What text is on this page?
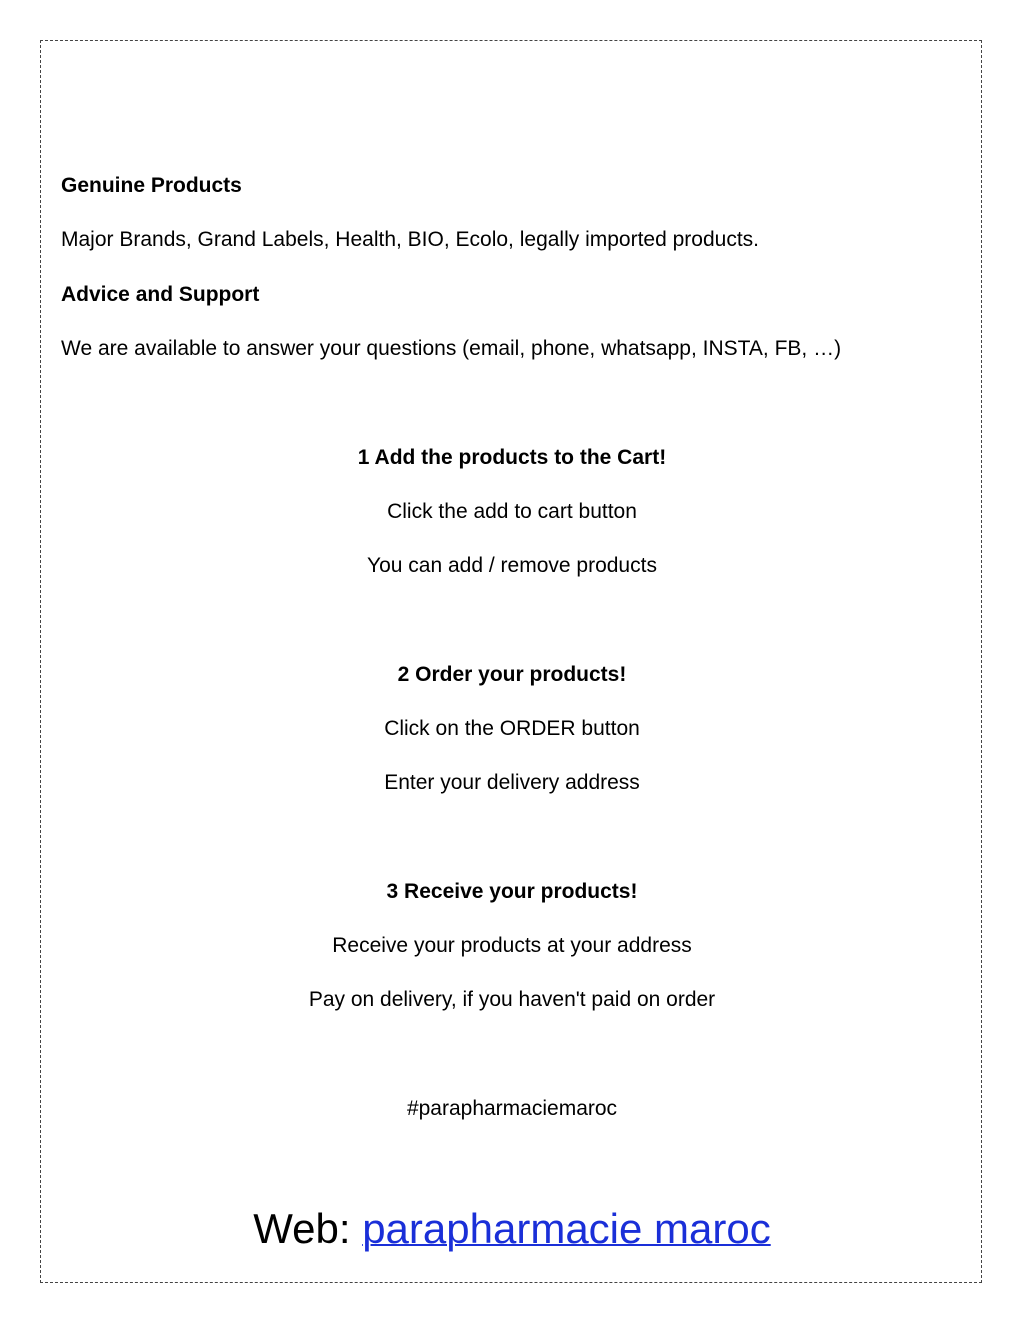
Genuine Products
Major Brands, Grand Labels, Health, BIO, Ecolo, legally imported products.
Advice and Support
We are available to answer your questions (email, phone, whatsapp, INSTA, FB, …)
1 Add the products to the Cart!
Click the add to cart button
You can add / remove products
2 Order your products!
Click on the ORDER button
Enter your delivery address
3 Receive your products!
Receive your products at your address
Pay on delivery, if you haven't paid on order
#parapharmaciemaroc
Web: parapharmacie maroc
